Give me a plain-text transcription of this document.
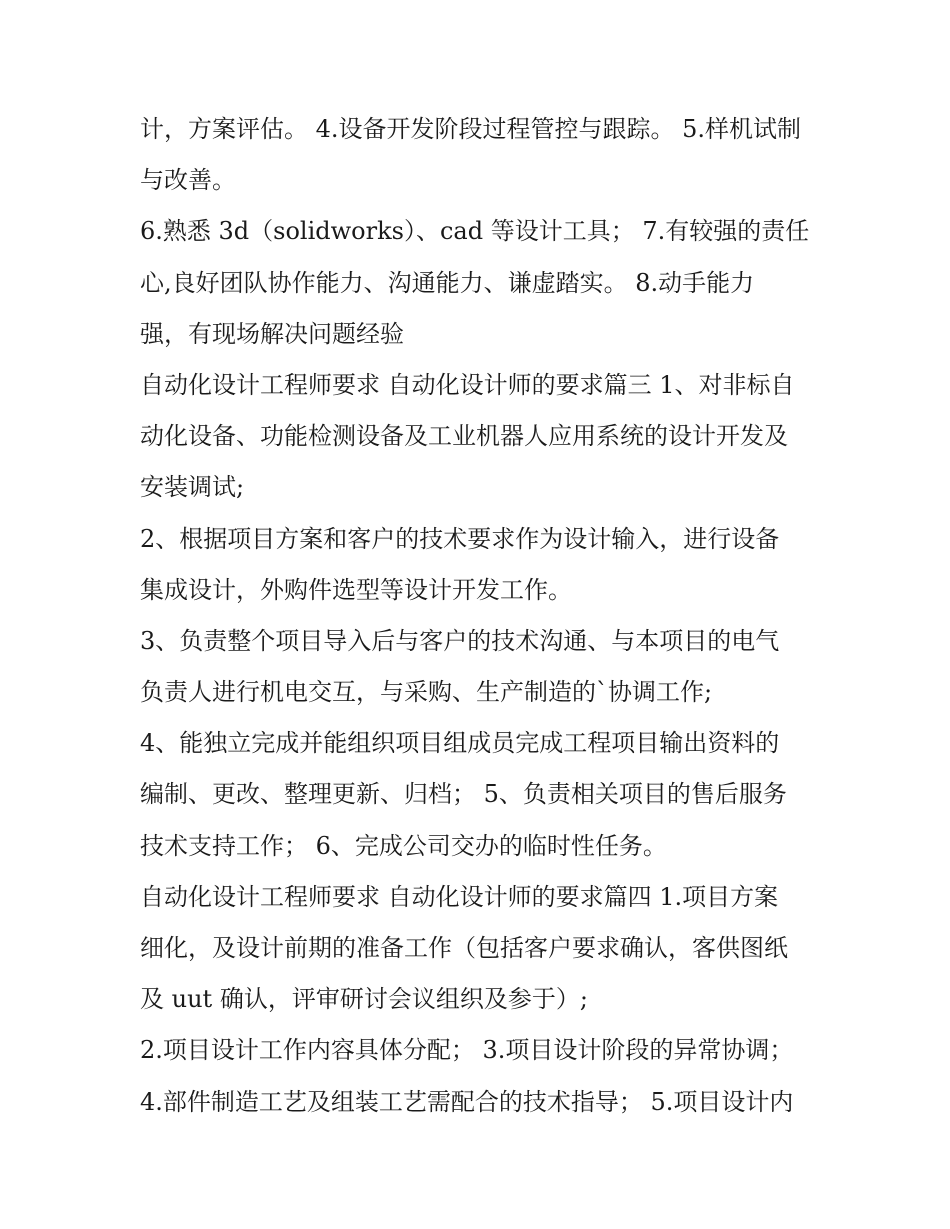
计，方案评估。 4.设备开发阶段过程管控与跟踪。 5.样机试制
与改善。
6.熟悉 3d（solidworks）、cad 等设计工具； 7.有较强的责任
心,良好团队协作能力、沟通能力、谦虚踏实。 8.动手能力
强，有现场解决问题经验
自动化设计工程师要求 自动化设计师的要求篇三 1、对非标自
动化设备、功能检测设备及工业机器人应用系统的设计开发及
安装调试;
2、根据项目方案和客户的技术要求作为设计输入，进行设备
集成设计，外购件选型等设计开发工作。
3、负责整个项目导入后与客户的技术沟通、与本项目的电气
负责人进行机电交互，与采购、生产制造的`协调工作;
4、能独立完成并能组织项目组成员完成工程项目输出资料的
编制、更改、整理更新、归档； 5、负责相关项目的售后服务
技术支持工作； 6、完成公司交办的临时性任务。
自动化设计工程师要求 自动化设计师的要求篇四 1.项目方案
细化，及设计前期的准备工作（包括客户要求确认，客供图纸
及 uut 确认，评审研讨会议组织及参于）;
2.项目设计工作内容具体分配； 3.项目设计阶段的异常协调；
4.部件制造工艺及组装工艺需配合的技术指导； 5.项目设计内
